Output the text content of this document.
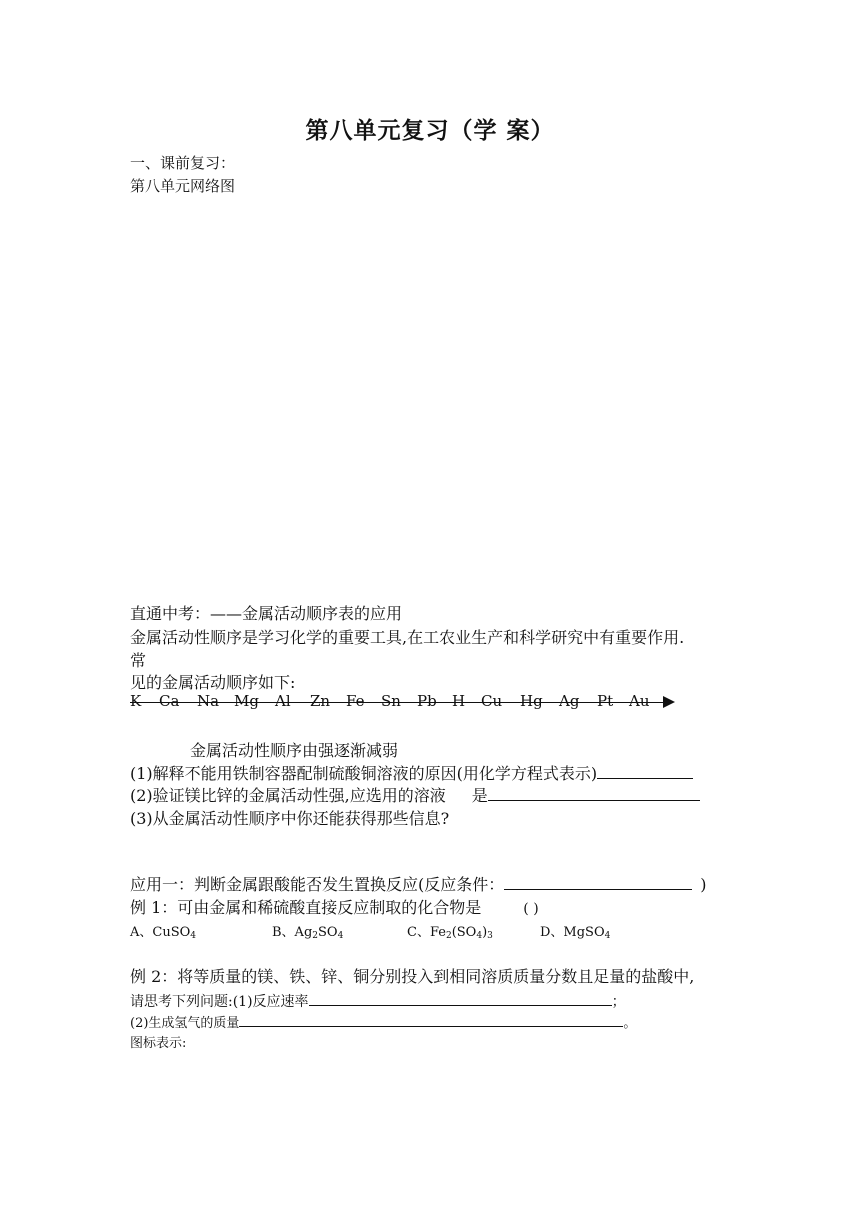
第八单元复习（学 案）
一、课前复习：
第八单元网络图
直通中考：——金属活动顺序表的应用
金属活动性顺序是学习化学的重要工具,在工农业生产和科学研究中有重要作用.
常
见的金属活动顺序如下:
K Ca Na Mg Al Zn Fe Sn Pb H Cu Hg Ag Pt Au
金属活动性顺序由强逐渐减弱
(1)解释不能用铁制容器配制硫酸铜溶液的原因(用化学方程式表示)
(2)验证镁比锌的金属活动性强,应选用的溶液 是
(3)从金属活动性顺序中你还能获得那些信息?
应用一：判断金属跟酸能否发生置换反应(反应条件：	)
例 1：可由金属和稀硫酸直接反应制取的化合物是	( )
A、CuSO$_4$	B、$Ag_2SO_4$	C、$Fe_2(SO_4)_3$	D、MgSO$_4$
例 2：将等质量的镁、铁、锌、铜分别投入到相同溶质质量分数且足量的盐酸中,
请思考下列问题:(1)反应速率	；
(2)生成氢气的质量	。
图标表示:
